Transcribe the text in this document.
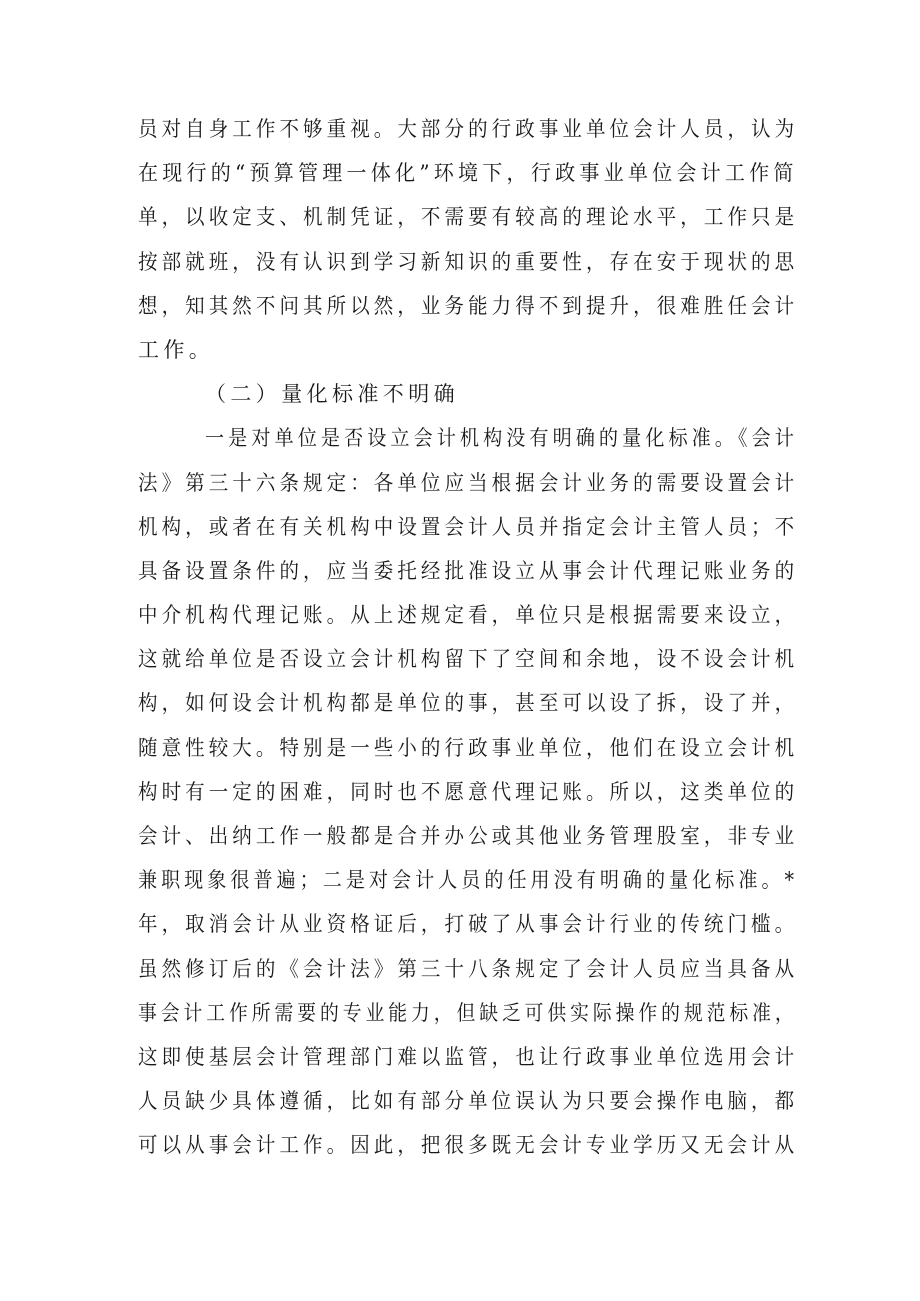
员对自身工作不够重视。大部分的行政事业单位会计人员，认为
在现行的“预算管理一体化”环境下，行政事业单位会计工作简
单，以收定支、机制凭证，不需要有较高的理论水平，工作只是
按部就班，没有认识到学习新知识的重要性，存在安于现状的思
想，知其然不问其所以然，业务能力得不到提升，很难胜任会计
工作。
（二）量化标准不明确
一是对单位是否设立会计机构没有明确的量化标准。《会计
法》第三十六条规定：各单位应当根据会计业务的需要设置会计
机构，或者在有关机构中设置会计人员并指定会计主管人员；不
具备设置条件的，应当委托经批准设立从事会计代理记账业务的
中介机构代理记账。从上述规定看，单位只是根据需要来设立，
这就给单位是否设立会计机构留下了空间和余地，设不设会计机
构，如何设会计机构都是单位的事，甚至可以设了拆，设了并，
随意性较大。特别是一些小的行政事业单位，他们在设立会计机
构时有一定的困难，同时也不愿意代理记账。所以，这类单位的
会计、出纳工作一般都是合并办公或其他业务管理股室，非专业
兼职现象很普遍；二是对会计人员的任用没有明确的量化标准。*
年，取消会计从业资格证后，打破了从事会计行业的传统门槛。
虽然修订后的《会计法》第三十八条规定了会计人员应当具备从
事会计工作所需要的专业能力，但缺乏可供实际操作的规范标准，
这即使基层会计管理部门难以监管，也让行政事业单位选用会计
人员缺少具体遵循，比如有部分单位误认为只要会操作电脑，都
可以从事会计工作。因此，把很多既无会计专业学历又无会计从
